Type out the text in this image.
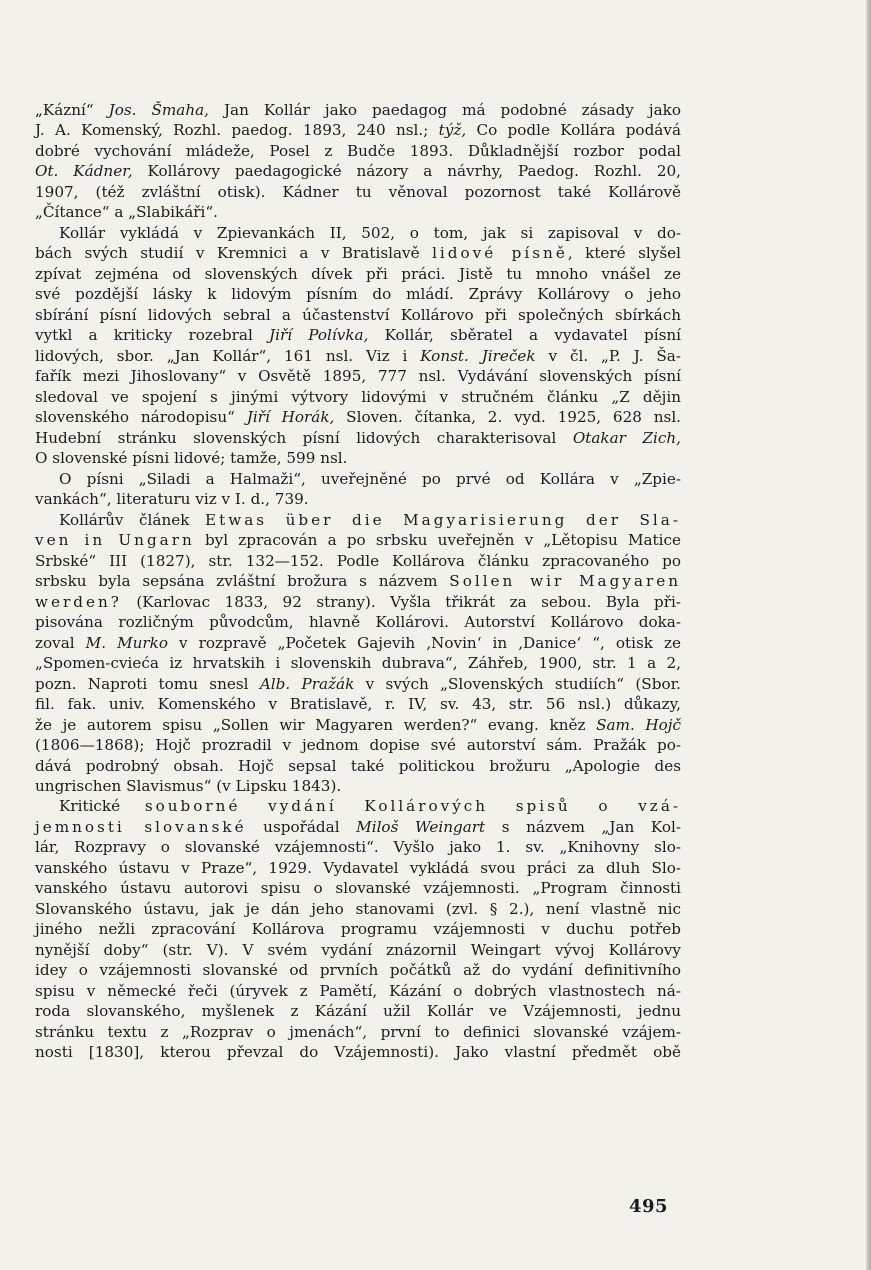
„Kázní“ Jos. Šmaha, Jan Kollár jako paedagog má podobné zásady jako
J. A. Komenský, Rozhl. paedog. 1893, 240 nsl.; týž, Co podle Kollára podává
dobré vychování mládeže, Posel z Budče 1893. Důkladnější rozbor podal
Ot. Kádner, Kollárovy paedagogické názory a návrhy, Paedog. Rozhl. 20,
1907, (též zvláštní otisk). Kádner tu věnoval pozornost také Kollárově
„Čítance“ a „Slabikáři“.

Kollár vykládá v Zpievankách II, 502, o tom, jak si zapisoval v do-
bách svých studií v Kremnici a v Bratislavě lidové písně, které slyšel
zpívat zejména od slovenských dívek při práci. Jistě tu mnoho vnášel ze
své pozdější lásky k lidovým písním do mládí. Zprávy Kollárovy o jeho
sbírání písní lidových sebral a účastenství Kollárovo při společných sbírkách
vytkl a kriticky rozebral Jiří Polívka, Kollár, sběratel a vydavatel písní
lidových, sbor. „Jan Kollár“, 161 nsl. Viz i Konst. Jireček v čl. „P. J. Ša-
fařík mezi Jihoslovany“ v Osvětě 1895, 777 nsl. Vydávání slovenských písní
sledoval ve spojení s jinými výtvory lidovými v stručném článku „Z dějin
slovenského národopisu“ Jiří Horák, Sloven. čítanka, 2. vyd. 1925, 628 nsl.
Hudební stránku slovenských písní lidových charakterisoval Otakar Zich,
O slovenské písni lidové; tamže, 599 nsl.

O písni „Siladi a Halmaži“, uveřejněné po prvé od Kollára v „Zpie-
vankách“, literaturu viz v I. d., 739.

Kollárův článek Etwas über die Magyarisierung der Sla-
ven in Ungarn byl zpracován a po srbsku uveřejněn v „Lětopisu Matice
Srbské“ III (1827), str. 132—152. Podle Kollárova článku zpracovaného po
srbsku byla sepsána zvláštní brožura s názvem Sollen wir Magyaren
werden? (Karlovac 1833, 92 strany). Vyšla třikrát za sebou. Byla při-
pisována rozličným původcům, hlavně Kollárovi. Autorství Kollárovo doka-
zoval M. Murko v rozpravě „Početek Gajevih ‚Novin‘ in ‚Danice‘ “, otisk ze
„Spomen-cvieća iz hrvatskih i slovenskih dubrava“, Záhřeb, 1900, str. 1 a 2,
pozn. Naproti tomu snesl Alb. Pražák v svých „Slovenských studiích“ (Sbor.
fil. fak. univ. Komenského v Bratislavě, r. IV, sv. 43, str. 56 nsl.) důkazy,
že je autorem spisu „Sollen wir Magyaren werden?“ evang. kněz Sam. Hojč
(1806—1868); Hojč prozradil v jednom dopise své autorství sám. Pražák po-
dává podrobný obsah. Hojč sepsal také politickou brožuru „Apologie des
ungrischen Slavismus“ (v Lipsku 1843).

Kritické souborné vydání Kollárových spisů o vzá-
jemnosti slovanské uspořádal Miloš Weingart s názvem „Jan Kol-
lár, Rozpravy o slovanské vzájemnosti“. Vyšlo jako 1. sv. „Knihovny slo-
vanského ústavu v Praze“, 1929. Vydavatel vykládá svou práci za dluh Slo-
vanského ústavu autorovi spisu o slovanské vzájemnosti. „Program činnosti
Slovanského ústavu, jak je dán jeho stanovami (zvl. § 2.), není vlastně nic
jiného nežli zpracování Kollárova programu vzájemnosti v duchu potřeb
nynější doby“ (str. V). V svém vydání znázornil Weingart vývoj Kollárovy
idey o vzájemnosti slovanské od prvních počátků až do vydání definitivního
spisu v německé řeči (úryvek z Pamětí, Kázání o dobrých vlastnostech ná-
roda slovanského, myšlenek z Kázání užil Kollár ve Vzájemnosti, jednu
stránku textu z „Rozprav o jmenách“, první to definici slovanské vzájem-
nosti [1830], kterou převzal do Vzájemnosti). Jako vlastní předmět obě

495
